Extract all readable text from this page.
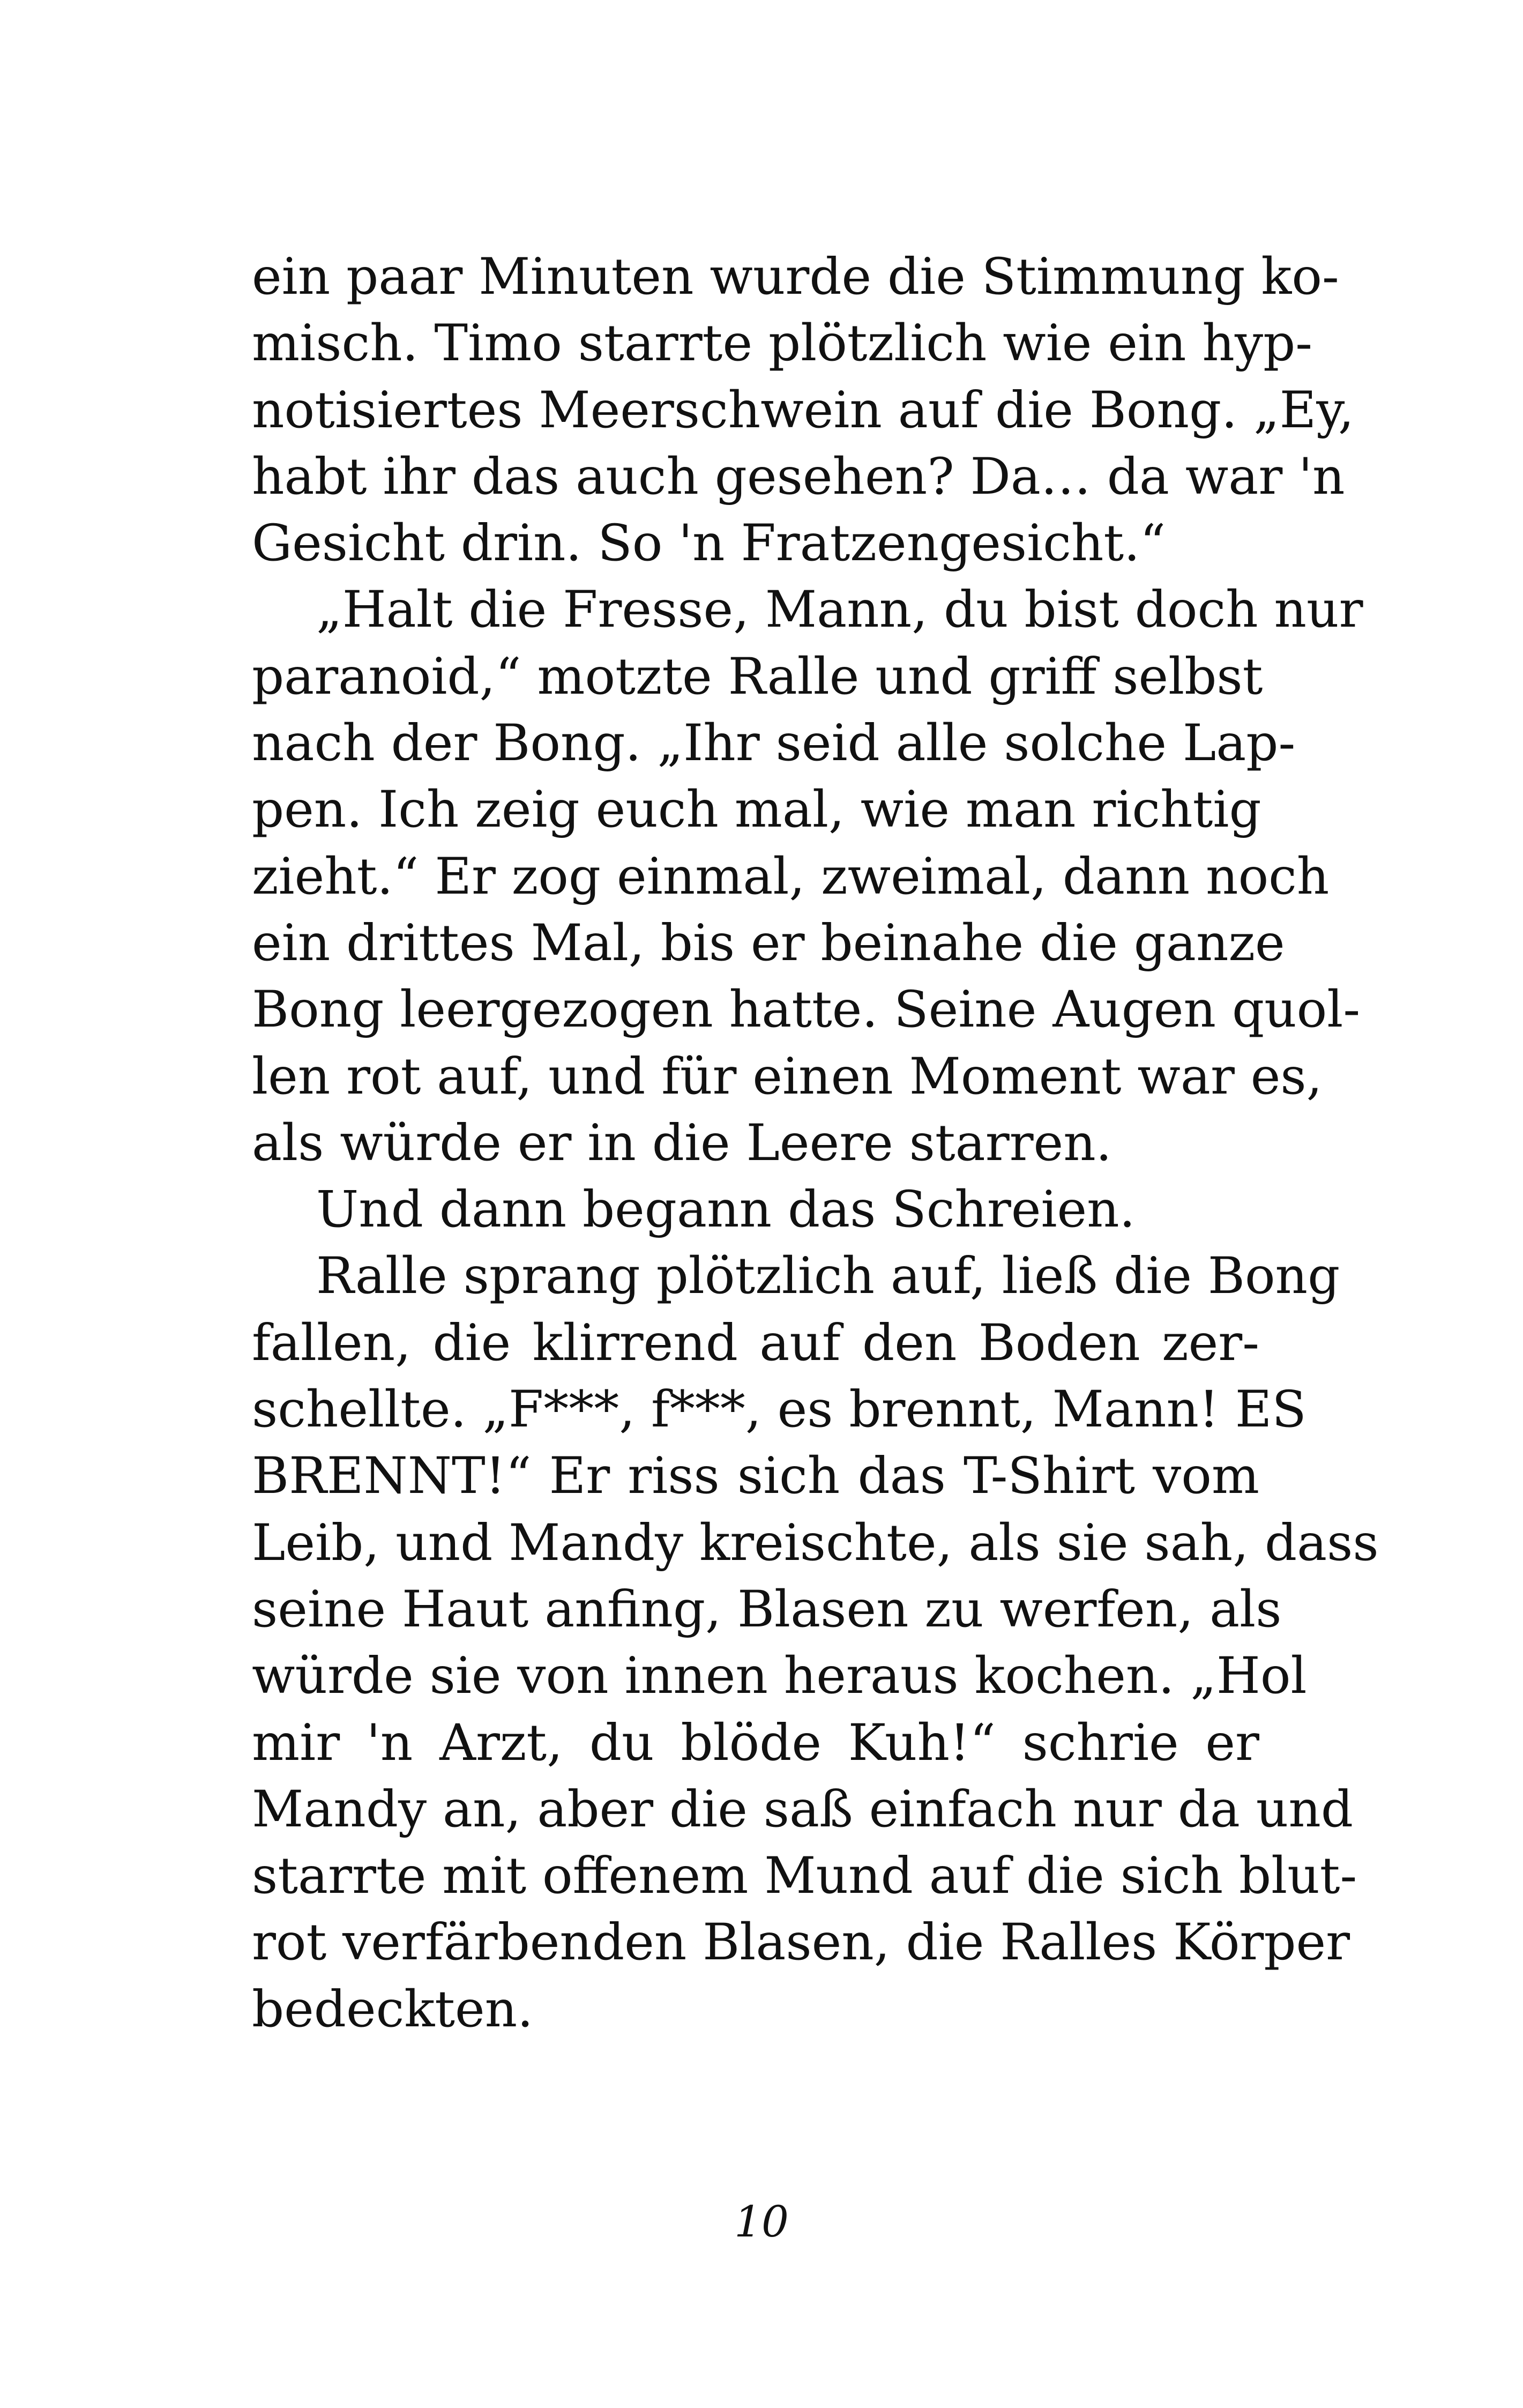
ein paar Minuten wurde die Stimmung ko-
misch. Timo starrte plötzlich wie ein hyp-
notisiertes Meerschwein auf die Bong. „Ey,
habt ihr das auch gesehen? Da… da war 'n
Gesicht drin. So 'n Fratzengesicht.“
„Halt die Fresse, Mann, du bist doch nur
paranoid,“ motzte Ralle und griff selbst
nach der Bong. „Ihr seid alle solche Lap-
pen. Ich zeig euch mal, wie man richtig
zieht.“ Er zog einmal, zweimal, dann noch
ein drittes Mal, bis er beinahe die ganze
Bong leergezogen hatte. Seine Augen quol-
len rot auf, und für einen Moment war es,
als würde er in die Leere starren.
Und dann begann das Schreien.
Ralle sprang plötzlich auf, ließ die Bong
fallen, die klirrend auf den Boden zer-
schellte. „F***, f***, es brennt, Mann! ES
BRENNT!“ Er riss sich das T-Shirt vom
Leib, und Mandy kreischte, als sie sah, dass
seine Haut anfing, Blasen zu werfen, als
würde sie von innen heraus kochen. „Hol
mir 'n Arzt, du blöde Kuh!“ schrie er
Mandy an, aber die saß einfach nur da und
starrte mit offenem Mund auf die sich blut-
rot verfärbenden Blasen, die Ralles Körper
bedeckten.
10
